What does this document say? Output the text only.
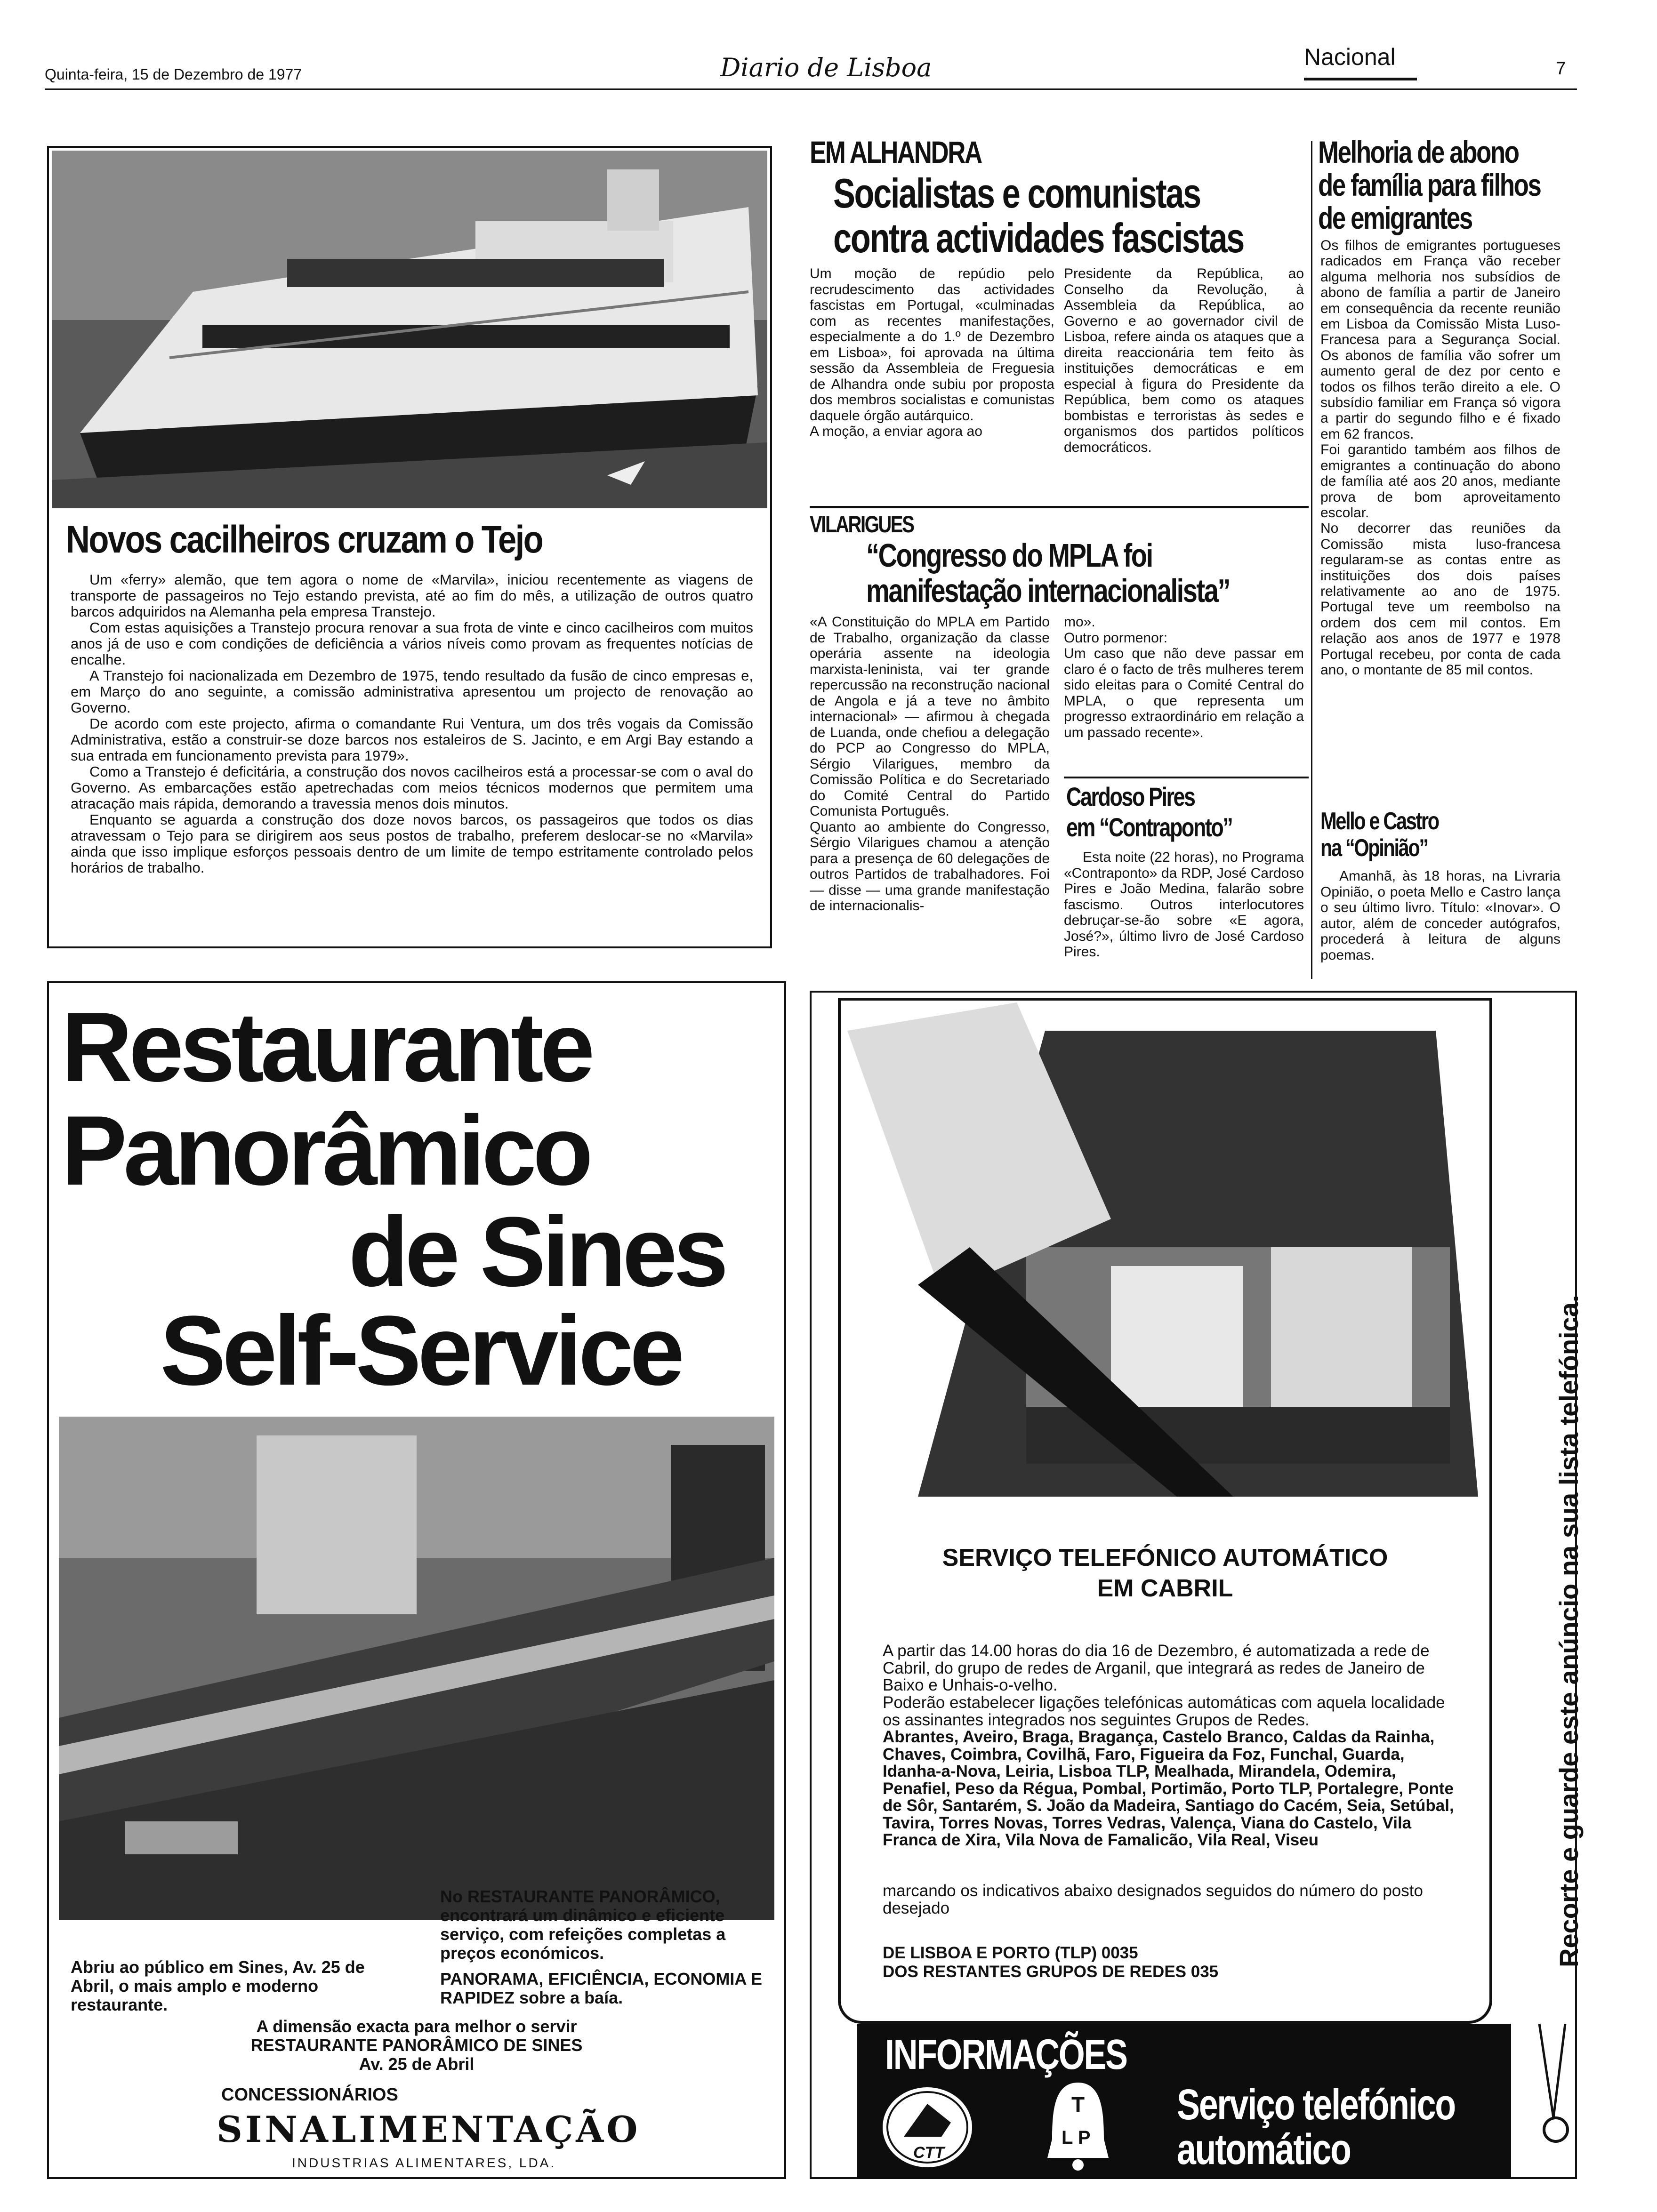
Quinta-feira, 15 de Dezembro de 1977	Diario de Lisboa	Nacional	7
Novos cacilheiros cruzam o Tejo

Um «ferry» alemão, que tem agora o nome de «Marvila», iniciou recentemente as viagens de transporte de passageiros no Tejo estando prevista, até ao fim do mês, a utilização de outros quatro barcos adquiridos na Alemanha pela empresa Transtejo.

Com estas aquisições a Transtejo procura renovar a sua frota de vinte e cinco cacilheiros com muitos anos já de uso e com condições de deficiência a vários níveis como provam as frequentes notícias de encalhe.

A Transtejo foi nacionalizada em Dezembro de 1975, tendo resultado da fusão de cinco empresas e, em Março do ano seguinte, a comissão administrativa apresentou um projecto de renovação ao Governo.

De acordo com este projecto, afirma o comandante Rui Ventura, um dos três vogais da Comissão Administrativa, estão a construir-se doze barcos nos estaleiros de S. Jacinto, e em Argi Bay estando a sua entrada em funcionamento prevista para 1979».

Como a Transtejo é deficitária, a construção dos novos cacilheiros está a processar-se com o aval do Governo. As embarcações estão apetrechadas com meios técnicos modernos que permitem uma atracação mais rápida, demorando a travessia menos dois minutos.

Enquanto se aguarda a construção dos doze novos barcos, os passageiros que todos os dias atravessam o Tejo para se dirigirem aos seus postos de trabalho, preferem deslocar-se no «Marvila» ainda que isso implique esforços pessoais dentro de um limite de tempo estritamente controlado pelos horários de trabalho.

EM ALHANDRA
Socialistas e comunistas
contra actividades fascistas
Um moção de repúdio pelo recrudescimento das actividades fascistas em Portugal, «culminadas com as recentes manifestações, especialmente a do 1.º de Dezembro em Lisboa», foi aprovada na última sessão da Assembleia de Freguesia de Alhandra onde subiu por proposta dos membros socialistas e comunistas daquele órgão autárquico.
A moção, a enviar agora ao
Presidente da República, ao Conselho da Revolução, à Assembleia da República, ao Governo e ao governador civil de Lisboa, refere ainda os ataques que a direita reaccionária tem feito às instituições democráticas e em especial à figura do Presidente da República, bem como os ataques bombistas e terroristas às sedes e organismos dos partidos políticos democráticos.
VILARIGUES
“Congresso do MPLA foi
manifestação internacionalista”
«A Constituição do MPLA em Partido de Trabalho, organização da classe operária assente na ideologia marxista-leninista, vai ter grande repercussão na reconstrução nacional de Angola e já a teve no âmbito internacional» — afirmou à chegada de Luanda, onde chefiou a delegação do PCP ao Congresso do MPLA, Sérgio Vilarigues, membro da Comissão Política e do Secretariado do Comité Central do Partido Comunista Português.
Quanto ao ambiente do Congresso, Sérgio Vilarigues chamou a atenção para a presença de 60 delegações de outros Partidos de trabalhadores. Foi — disse — uma grande manifestação de internacionalis-
mo».
Outro pormenor:
Um caso que não deve passar em claro é o facto de três mulheres terem sido eleitas para o Comité Central do MPLA, o que representa um progresso extraordinário em relação a um passado recente».
Cardoso Pires
em “Contraponto”
Esta noite (22 horas), no Programa «Contraponto» da RDP, José Cardoso Pires e João Medina, falarão sobre fascismo. Outros interlocutores debruçar-se-ão sobre «E agora, José?», último livro de José Cardoso Pires.
Melhoria de abono
de família para filhos
de emigrantes
Os filhos de emigrantes portugueses radicados em França vão receber alguma melhoria nos subsídios de abono de família a partir de Janeiro em consequência da recente reunião em Lisboa da Comissão Mista Luso-Francesa para a Segurança Social. Os abonos de família vão sofrer um aumento geral de dez por cento e todos os filhos terão direito a ele. O subsídio familiar em França só vigora a partir do segundo filho e é fixado em 62 francos.
Foi garantido também aos filhos de emigrantes a continuação do abono de família até aos 20 anos, mediante prova de bom aproveitamento escolar.
No decorrer das reuniões da Comissão mista luso-francesa regularam-se as contas entre as instituições dos dois países relativamente ao ano de 1975. Portugal teve um reembolso na ordem dos cem mil contos. Em relação aos anos de 1977 e 1978 Portugal recebeu, por conta de cada ano, o montante de 85 mil contos.
Mello e Castro
na “Opinião”
Amanhã, às 18 horas, na Livraria Opinião, o poeta Mello e Castro lança o seu último livro. Título: «Inovar». O autor, além de conceder autógrafos, procederá à leitura de alguns poemas.
Restaurante
Panorâmico
de Sines
Self-Service
Abriu ao público em Sines, Av. 25 de Abril, o mais amplo e moderno restaurante.
No RESTAURANTE PANORÂMICO, encontrará um dinâmico e eficiente serviço, com refeições completas a preços económicos.
PANORAMA, EFICIÊNCIA, ECONOMIA E RAPIDEZ sobre a baía.
A dimensão exacta para melhor o servir
RESTAURANTE PANORÂMICO DE SINES
Av. 25 de Abril
CONCESSIONÁRIOS
SINALIMENTAÇÃO
INDUSTRIAS ALIMENTARES, LDA.
SERVIÇO TELEFÓNICO AUTOMÁTICO
EM CABRIL
A partir das 14.00 horas do dia 16 de Dezembro, é automatizada a rede de Cabril, do grupo de redes de Arganil, que integrará as redes de Janeiro de Baixo e Unhais-o-velho.
Poderão estabelecer ligações telefónicas automáticas com aquela localidade os assinantes integrados nos seguintes Grupos de Redes.
Abrantes, Aveiro, Braga, Bragança, Castelo Branco, Caldas da Rainha, Chaves, Coimbra, Covilhã, Faro, Figueira da Foz, Funchal, Guarda, Idanha-a-Nova, Leiria, Lisboa TLP, Mealhada, Mirandela, Odemira, Penafiel, Peso da Régua, Pombal, Portimão, Porto TLP, Portalegre, Ponte de Sôr, Santarém, S. João da Madeira, Santiago do Cacém, Seia, Setúbal, Tavira, Torres Novas, Torres Vedras, Valença, Viana do Castelo, Vila Franca de Xira, Vila Nova de Famalicão, Vila Real, Viseu
marcando os indicativos abaixo designados seguidos do número do posto desejado
DE LISBOA E PORTO (TLP) 0035
DOS RESTANTES GRUPOS DE REDES 035
Recorte e guarde este anúncio na sua lista telefónica.
INFORMAÇÕES
CTT
T
L P
Serviço telefónico
automático
